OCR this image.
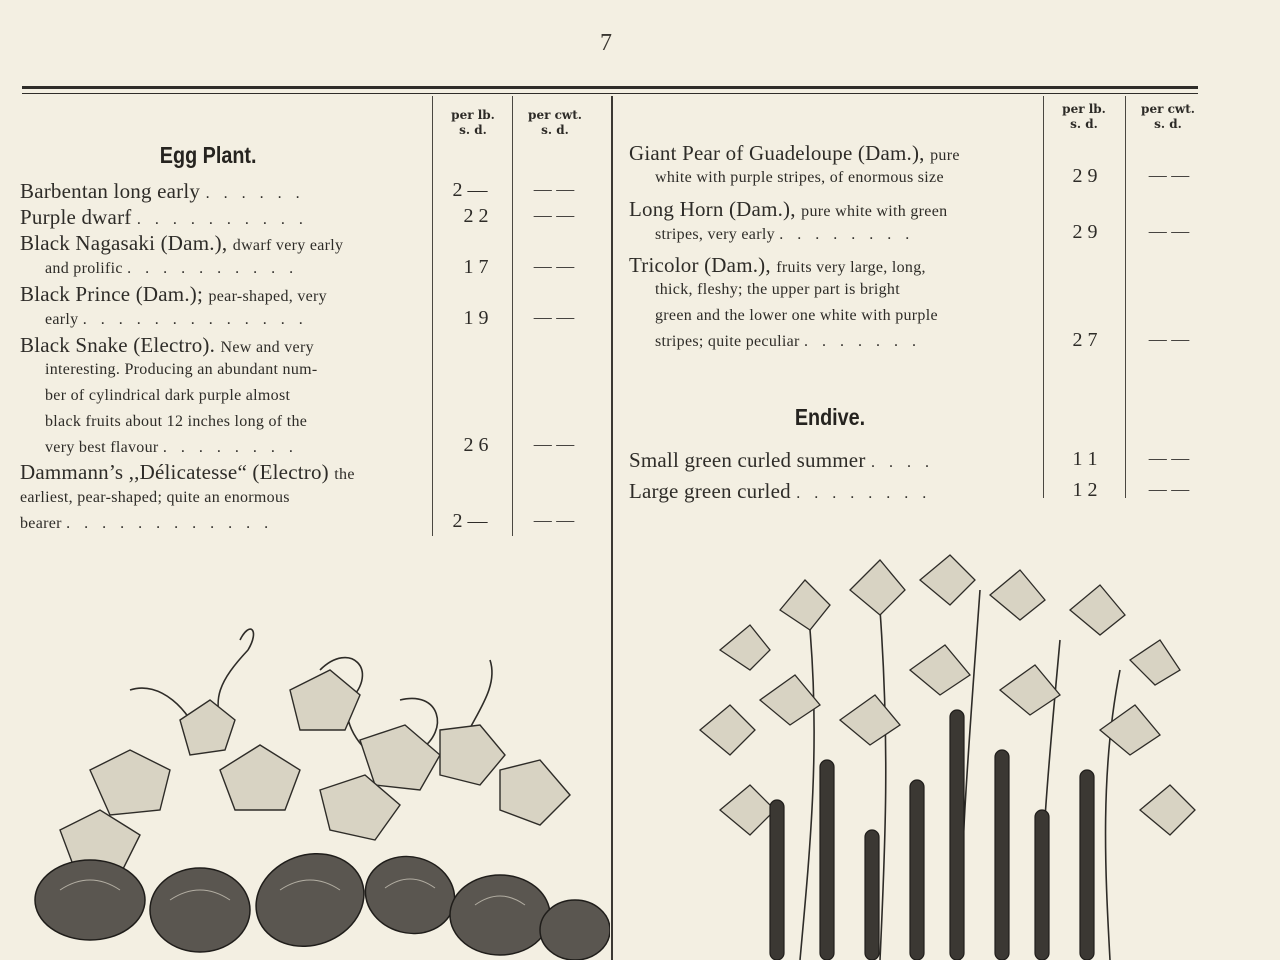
7
per lb.
s. d.
per cwt.
s. d.
Egg Plant.
Barbentan long early . . . . . .	2 —	— —
Purple dwarf . . . . . . . . . .	2 2	— —
Black Nagasaki (Dam.), dwarf very early
and prolific . . . . . . . . . .	1 7	— —
Black Prince (Dam.); pear-shaped, very
early . . . . . . . . . . . . .	1 9	— —
Black Snake (Electro). New and very
interesting. Producing an abundant num-
ber of cylindrical dark purple almost
black fruits about 12 inches long of the
very best flavour . . . . . . . .	2 6	— —
Dammann’s ,,Délicatesse“ (Electro) the
earliest, pear-shaped; quite an enormous
bearer . . . . . . . . . . . .	2 —	— —
per lb.
s. d.
per cwt.
s. d.
Giant Pear of Guadeloupe (Dam.), pure
white with purple stripes, of enormous size	2 9	— —
Long Horn (Dam.), pure white with green
stripes, very early . . . . . . . .	2 9	— —
Tricolor (Dam.), fruits very large, long,
thick, fleshy; the upper part is bright
green and the lower one white with purple
stripes; quite peculiar . . . . . . .	2 7	— —
Endive.
Small green curled summer . . . .	1 1	— —
Large green curled . . . . . . . .	1 2	— —
